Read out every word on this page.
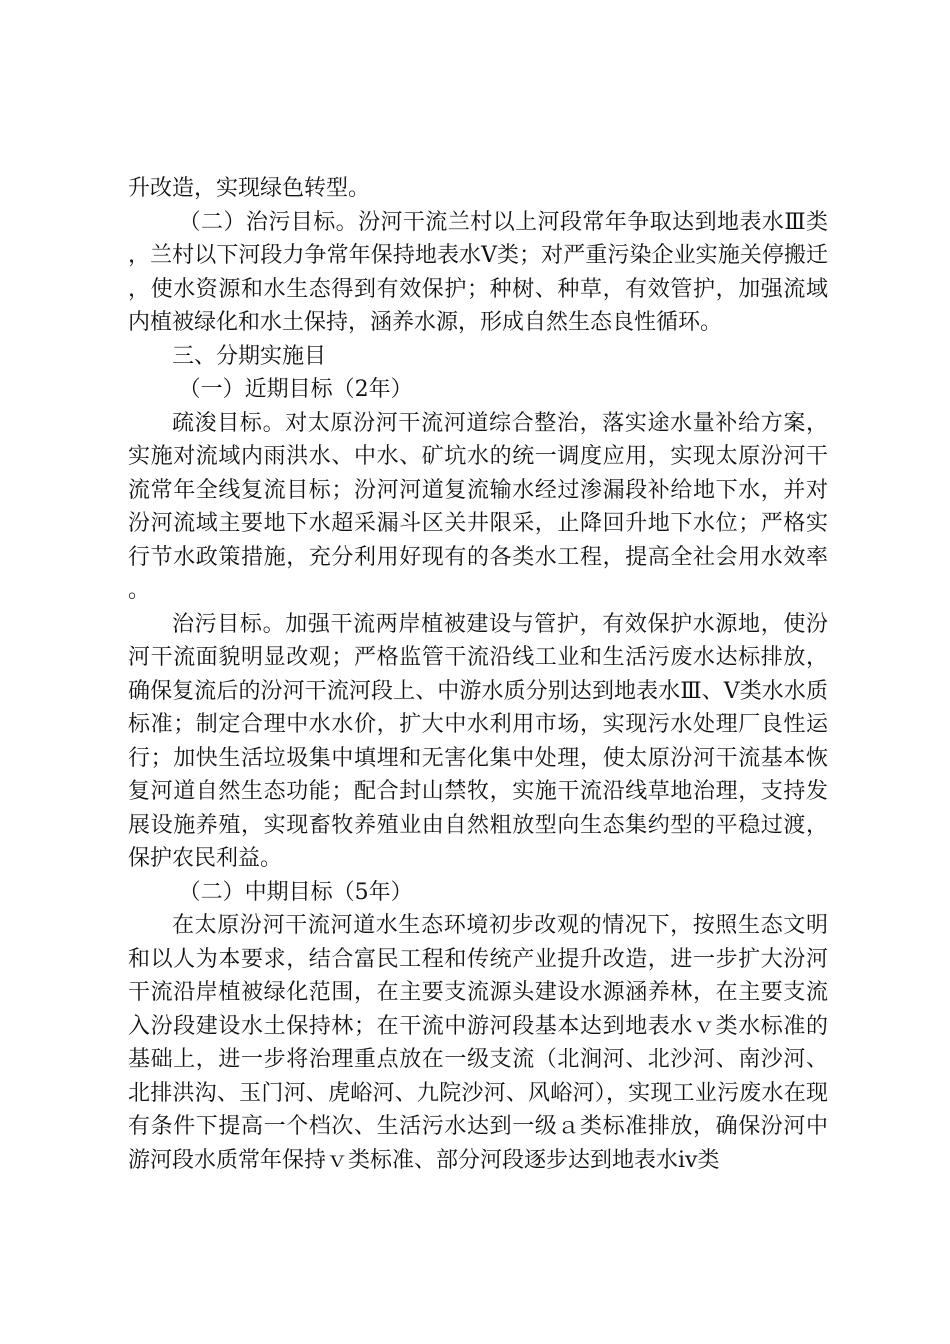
升改造，实现绿色转型。

（二）治污目标。汾河干流兰村以上河段常年争取达到地表水Ⅲ类，兰村以下河段力争常年保持地表水Ⅴ类；对严重污染企业实施关停搬迁，使水资源和水生态得到有效保护；种树、种草，有效管护，加强流域内植被绿化和水土保持，涵养水源，形成自然生态良性循环。

三、分期实施目

（一）近期目标（2年）

疏浚目标。对太原汾河干流河道综合整治，落实途水量补给方案，实施对流域内雨洪水、中水、矿坑水的统一调度应用，实现太原汾河干流常年全线复流目标；汾河河道复流输水经过渗漏段补给地下水，并对汾河流域主要地下水超采漏斗区关井限采，止降回升地下水位；严格实行节水政策措施，充分利用好现有的各类水工程，提高全社会用水效率。

治污目标。加强干流两岸植被建设与管护，有效保护水源地，使汾河干流面貌明显改观；严格监管干流沿线工业和生活污废水达标排放，确保复流后的汾河干流河段上、中游水质分别达到地表水Ⅲ、Ⅴ类水水质标准；制定合理中水水价，扩大中水利用市场，实现污水处理厂良性运行；加快生活垃圾集中填埋和无害化集中处理，使太原汾河干流基本恢复河道自然生态功能；配合封山禁牧，实施干流沿线草地治理，支持发展设施养殖，实现畜牧养殖业由自然粗放型向生态集约型的平稳过渡，保护农民利益。

（二）中期目标（5年）

在太原汾河干流河道水生态环境初步改观的情况下，按照生态文明和以人为本要求，结合富民工程和传统产业提升改造，进一步扩大汾河干流沿岸植被绿化范围，在主要支流源头建设水源涵养林，在主要支流入汾段建设水土保持林；在干流中游河段基本达到地表水ｖ类水标准的基础上，进一步将治理重点放在一级支流（北涧河、北沙河、南沙河、北排洪沟、玉门河、虎峪河、九院沙河、风峪河），实现工业污废水在现有条件下提高一个档次、生活污水达到一级ａ类标准排放，确保汾河中游河段水质常年保持ｖ类标准、部分河段逐步达到地表水ⅳ类
